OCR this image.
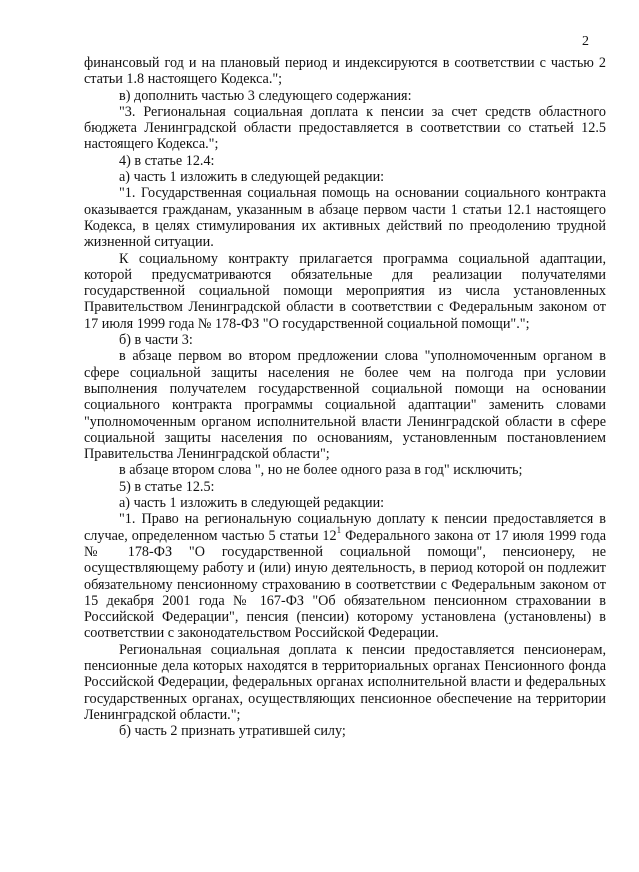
2

финансовый год и на плановый период и индексируются в соответствии с частью 2 статьи 1.8 настоящего Кодекса.";

в) дополнить частью 3 следующего содержания:

"3. Региональная социальная доплата к пенсии за счет средств областного бюджета Ленинградской области предоставляется в соответствии со статьей 12.5 настоящего Кодекса.";

4) в статье 12.4:

а) часть 1 изложить в следующей редакции:

"1. Государственная социальная помощь на основании социального контракта оказывается гражданам, указанным в абзаце первом части 1 статьи 12.1 настоящего Кодекса, в целях стимулирования их активных действий по преодолению трудной жизненной ситуации.

К социальному контракту прилагается программа социальной адаптации, которой предусматриваются обязательные для реализации получателями государственной социальной помощи мероприятия из числа установленных Правительством Ленинградской области в соответствии с Федеральным законом от 17 июля 1999 года № 178-ФЗ "О государственной социальной помощи".";

б) в части 3:

в абзаце первом во втором предложении слова "уполномоченным органом в сфере социальной защиты населения не более чем на полгода при условии выполнения получателем государственной социальной помощи на основании социального контракта программы социальной адаптации" заменить словами "уполномоченным органом исполнительной власти Ленинградской области в сфере социальной защиты населения по основаниям, установленным постановлением Правительства Ленинградской области";

в абзаце втором слова ", но не более одного раза в год" исключить;

5) в статье 12.5:

а) часть 1 изложить в следующей редакции:

"1. Право на региональную социальную доплату к пенсии предоставляется в случае, определенном частью 5 статьи $12^1$ Федерального закона от 17 июля 1999 года № 178-ФЗ "О государственной социальной помощи", пенсионеру, не осуществляющему работу и (или) иную деятельность, в период которой он подлежит обязательному пенсионному страхованию в соответствии с Федеральным законом от 15 декабря 2001 года № 167-ФЗ "Об обязательном пенсионном страховании в Российской Федерации", пенсия (пенсии) которому установлена (установлены) в соответствии с законодательством Российской Федерации.

Региональная социальная доплата к пенсии предоставляется пенсионерам, пенсионные дела которых находятся в территориальных органах Пенсионного фонда Российской Федерации, федеральных органах исполнительной власти и федеральных государственных органах, осуществляющих пенсионное обеспечение на территории Ленинградской области.";

б) часть 2 признать утратившей силу;
